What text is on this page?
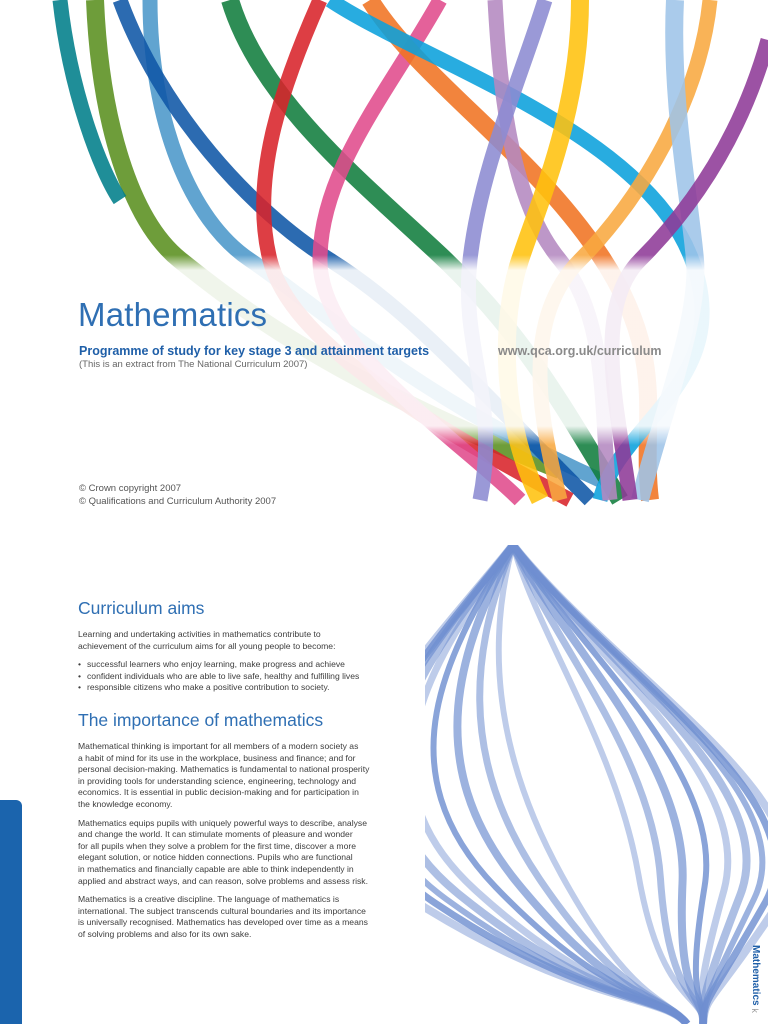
Mathematics
Programme of study for key stage 3 and attainment targets	www.qca.org.uk/curriculum
(This is an extract from The National Curriculum 2007)
© Crown copyright 2007
© Qualifications and Curriculum Authority 2007
Curriculum aims

Learning and undertaking activities in mathematics contribute to
achievement of the curriculum aims for all young people to become:

• successful learners who enjoy learning, make progress and achieve
• confident individuals who are able to live safe, healthy and fulfilling lives
• responsible citizens who make a positive contribution to society.
The importance of mathematics

Mathematical thinking is important for all members of a modern society as
a habit of mind for its use in the workplace, business and finance; and for
personal decision-making. Mathematics is fundamental to national prosperity
in providing tools for understanding science, engineering, technology and
economics. It is essential in public decision-making and for participation in
the knowledge economy.

Mathematics equips pupils with uniquely powerful ways to describe, analyse
and change the world. It can stimulate moments of pleasure and wonder
for all pupils when they solve a problem for the first time, discover a more
elegant solution, or notice hidden connections. Pupils who are functional
in mathematics and financially capable are able to think independently in
applied and abstract ways, and can reason, solve problems and assess risk.

Mathematics is a creative discipline. The language of mathematics is
international. The subject transcends cultural boundaries and its importance
is universally recognised. Mathematics has developed over time as a means
of solving problems and also for its own sake.

Mathematics k
